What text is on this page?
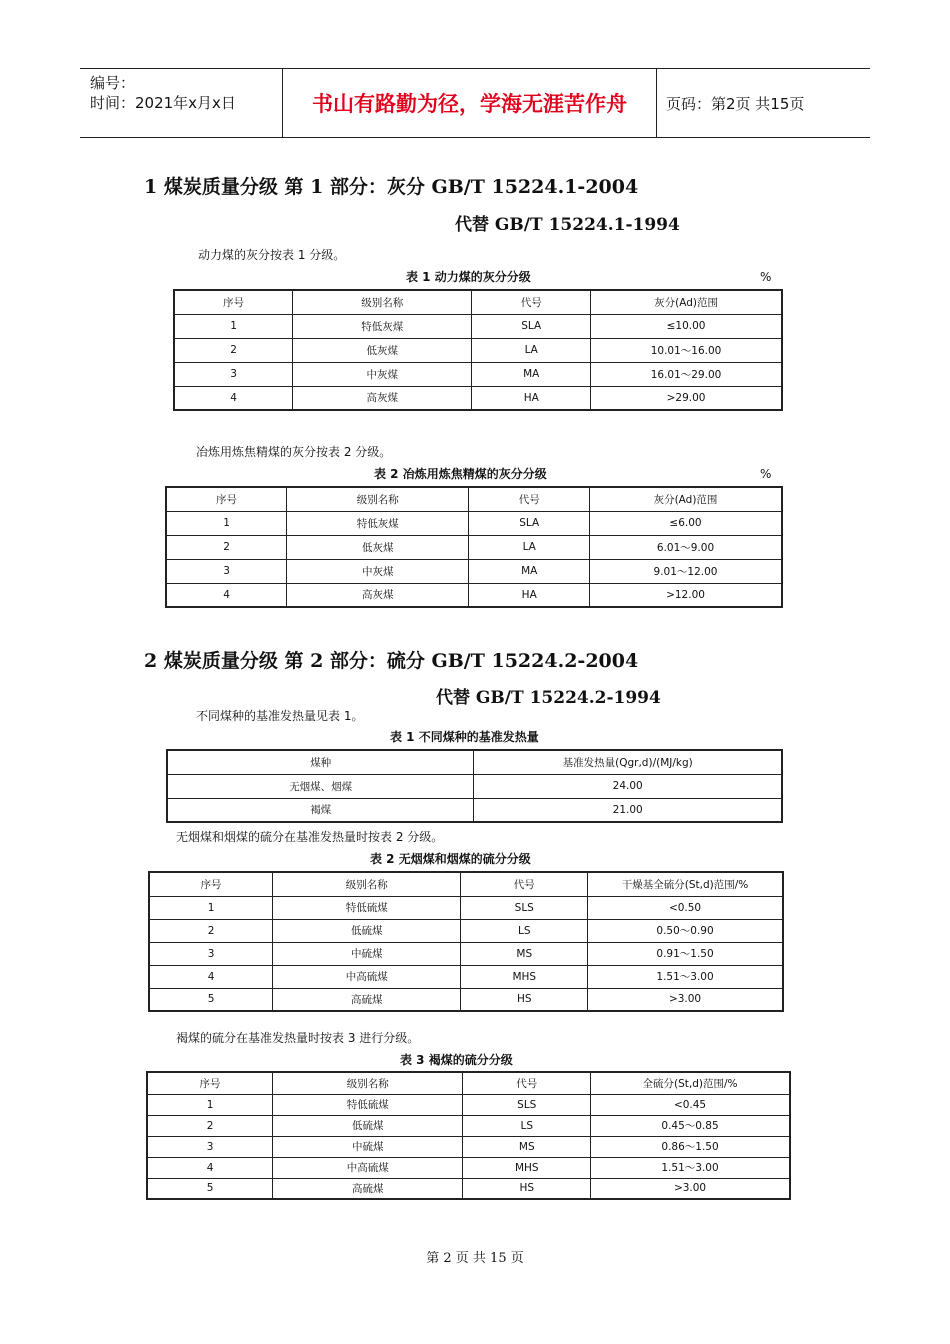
编号：
时间：2021年x月x日	书山有路勤为径，学海无涯苦作舟	页码：第2页 共15页
1 煤炭质量分级 第 1 部分：灰分 GB/T 15224.1-2004
代替 GB/T 15224.1-1994
动力煤的灰分按表 1 分级。
表 1 动力煤的灰分分级	%
序号	级别名称	代号	灰分(Ad)范围
1	特低灰煤	SLA	≤10.00
2	低灰煤	LA	10.01～16.00
3	中灰煤	MA	16.01～29.00
4	高灰煤	HA	>29.00
冶炼用炼焦精煤的灰分按表 2 分级。
表 2 冶炼用炼焦精煤的灰分分级	%
序号	级别名称	代号	灰分(Ad)范围
1	特低灰煤	SLA	≤6.00
2	低灰煤	LA	6.01～9.00
3	中灰煤	MA	9.01～12.00
4	高灰煤	HA	>12.00
2 煤炭质量分级 第 2 部分：硫分 GB/T 15224.2-2004
代替 GB/T 15224.2-1994
不同煤种的基准发热量见表 1。
表 1 不同煤种的基准发热量
煤种	基准发热量(Qgr,d)/(MJ/kg)
无烟煤、烟煤	24.00
褐煤	21.00
无烟煤和烟煤的硫分在基准发热量时按表 2 分级。
表 2 无烟煤和烟煤的硫分分级
序号	级别名称	代号	干燥基全硫分(St,d)范围/%
1	特低硫煤	SLS	<0.50
2	低硫煤	LS	0.50～0.90
3	中硫煤	MS	0.91～1.50
4	中高硫煤	MHS	1.51～3.00
5	高硫煤	HS	>3.00
褐煤的硫分在基准发热量时按表 3 进行分级。
表 3 褐煤的硫分分级
序号	级别名称	代号	全硫分(St,d)范围/%
1	特低硫煤	SLS	<0.45
2	低硫煤	LS	0.45～0.85
3	中硫煤	MS	0.86～1.50
4	中高硫煤	MHS	1.51～3.00
5	高硫煤	HS	>3.00
第 2 页 共 15 页
